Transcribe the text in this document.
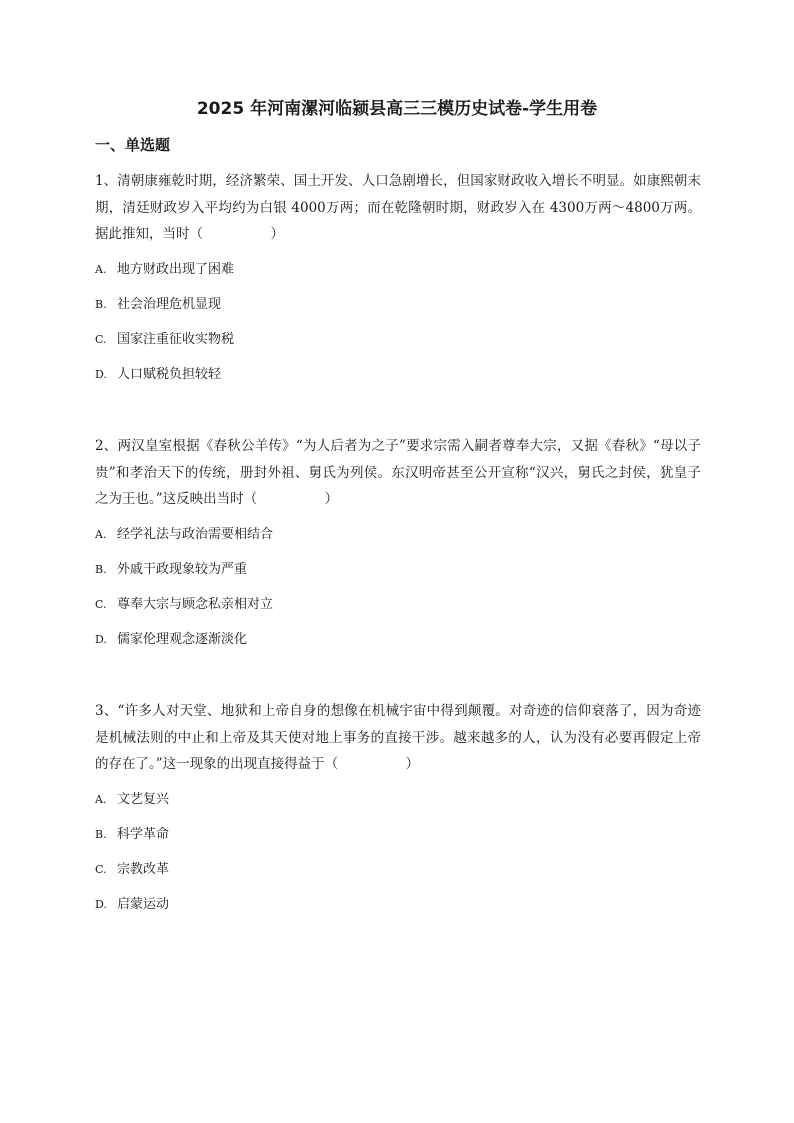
2025 年河南漯河临颍县高三三模历史试卷-学生用卷
一、单选题

1、清朝康雍乾时期，经济繁荣、国土开发、人口急剧增长，但国家财政收入增长不明显。如康熙朝末期，清廷财政岁入平均约为白银 4000万两；而在乾隆朝时期，财政岁入在 4300万两～4800万两。据此推知，当时（　　　　　）

A. 地方财政出现了困难
B. 社会治理危机显现
C. 国家注重征收实物税
D. 人口赋税负担较轻

2、两汉皇室根据《春秋公羊传》“为人后者为之子”要求宗需入嗣者尊奉大宗，又据《春秋》“母以子贵”和孝治天下的传统，册封外祖、舅氏为列侯。东汉明帝甚至公开宣称“汉兴，舅氏之封侯，犹皇子之为王也。”这反映出当时（　　　　　）

A. 经学礼法与政治需要相结合
B. 外戚干政现象较为严重
C. 尊奉大宗与顾念私亲相对立
D. 儒家伦理观念逐渐淡化

3、“许多人对天堂、地狱和上帝自身的想像在机械宇宙中得到颠覆。对奇迹的信仰衰落了，因为奇迹是机械法则的中止和上帝及其天使对地上事务的直接干涉。越来越多的人，认为没有必要再假定上帝的存在了。”这一现象的出现直接得益于（　　　　　）

A. 文艺复兴
B. 科学革命
C. 宗教改革
D. 启蒙运动
